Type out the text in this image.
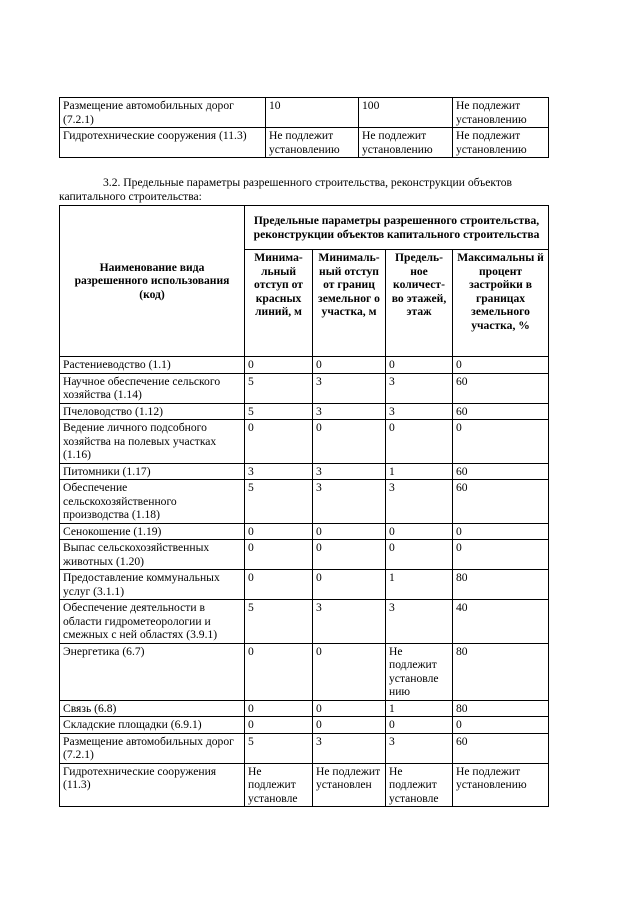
Размещение автомобильных дорог (7.2.1)	10	100	Не подлежит установлению
Гидротехнические сооружения (11.3)	Не подлежит установлению	Не подлежит установлению	Не подлежит установлению

3.2. Предельные параметры разрешенного строительства, реконструкции объектов капитального строительства:

Наименование вида разрешенного использования (код)	Предельные параметры разрешенного строительства, реконструкции объектов капитального строительства			
	Минима-льный отступ от красных линий, м	Минималь-ный отступ от границ земельног о участка, м	Предель-ное количест-во этажей, этаж	Максимальны й процент застройки в границах земельного участка, %
Растениеводство (1.1)	0	0	0	0
Научное обеспечение сельского хозяйства (1.14)	5	3	3	60
Пчеловодство (1.12)	5	3	3	60
Ведение личного подсобного хозяйства на полевых участках (1.16)	0	0	0	0
Питомники (1.17)	3	3	1	60
Обеспечение сельскохозяйственного производства (1.18)	5	3	3	60
Сенокошение (1.19)	0	0	0	0
Выпас сельскохозяйственных животных (1.20)	0	0	0	0
Предоставление коммунальных услуг (3.1.1)	0	0	1	80
Обеспечение деятельности в области гидрометеорологии и смежных с ней областях (3.9.1)	5	3	3	40
Энергетика (6.7)	0	0	Не подлежит установле нию	80
Связь (6.8)	0	0	1	80
Складские площадки (6.9.1)	0	0	0	0
Размещение автомобильных дорог (7.2.1)	5	3	3	60
Гидротехнические сооружения (11.3)	Не подлежит установле	Не подлежит установлен	Не подлежит установле	Не подлежит установлению
